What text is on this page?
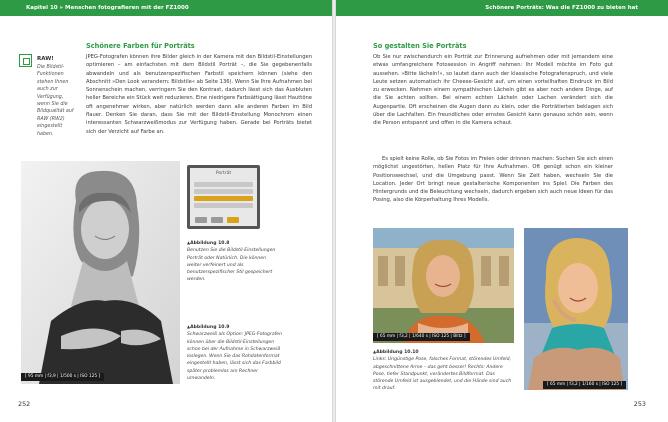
Kapitel 10 » Menschen fotografieren mit der FZ1000
RAW!
Die Bildstil-Funktionen stehen Ihnen auch zur Verfügung, wenn Sie die Bildqualität auf RAW (RW2) eingestellt haben.
Schönere Farben für Porträts
JPEG-Fotografen können ihre Bilder gleich in der Kamera mit den Bildstil-Einstellungen optimieren – am einfachsten mit dem Bildstil Porträt –, die Sie gegebenenfalls abwandeln und als benutzerspezifischen Farbstil speichern können (siehe den Abschnitt »Den Look verandern: Bildstile« ab Seite 136). Wenn Sie Ihre Aufnahmen bei Sonnenschein machen, verringern Sie den Kontrast, dadurch lässt sich das Ausbluten heller Bereiche ein Stück weit reduzieren. Eine niedrigere Farbsättigung lässt Hauttöne oft angenehmer wirken, aber natürlich werden dann alle anderen Farben im Bild flauer. Denken Sie daran, dass Sie mit der Bildstil-Einstellung Monochrom einen interessanten Schwarzweißmodus zur Verfügung haben. Gerade bei Porträts bietet sich der Verzicht auf Farbe an.
[ 95 mm | f3,9 | 1/500 s | ISO 125 ]
Porträt
▲ Abbildung 10.8
Benutzen Sie die Bildstil-Einstellungen Porträt oder Natürlich. Die können weiter verfeinert und als benutzerspezifischer Stil gespeichert werden.
▲ Abbildung 10.9
Schwarzweiß als Option: JPEG-Fotografen können über die Bildstil-Einstellungen schon bei der Aufnahme in Schwarzweiß loslegen. Wenn Sie das Rohdatenformat eingestellt haben, lässt sich das Farbbild später problemlos am Rechner umwandeln.
252
Schönere Porträts: Was die FZ1000 zu bieten hat
So gestalten Sie Porträts
Ob Sie nur zwischendurch ein Porträt zur Erinnerung aufnehmen oder mit jemandem eine etwas umfangreichere Fotosession in Angriff nehmen: Ihr Modell möchte im Foto gut aussehen. »Bitte lächeln!«, so lautet dann auch der klassische Fotografenspruch, und viele Leute setzen automatisch ihr Cheese-Gesicht auf, um einen vorteilhaften Eindruck im Bild zu erwecken. Nehmen einem sympathischen Lächeln gibt es aber noch andere Dinge, auf die Sie achten sollten. Bei einem echten Lächeln oder Lachen verändert sich die Augenpartie. Oft erscheinen die Augen dann zu klein, oder die Porträtierten beklagen sich über die Lachfalten. Ein freundliches oder ernstes Gesicht kann genauso schön sein, wenn die Person entspannt und offen in die Kamera schaut.
Es spielt keine Rolle, ob Sie Fotos im Freien oder drinnen machen: Suchen Sie sich einen möglichst ungestörten, hellen Platz für Ihre Aufnahmen. Oft genügt schon ein kleiner Positionswechsel, und die Umgebung passt. Wenn Sie Zeit haben, wechseln Sie die Location. Jeder Ort bringt neue gestalterische Komponenten ins Spiel: Die Farben des Hintergrunds und die Beleuchtung wechseln, dadurch ergeben sich auch neue Ideen für das Posing, also die Körperhaltung Ihres Modells.
[ 65 mm | f3,2 | 1/640 s | ISO 125 | Blitz ]
[ 65 mm | f3,2 | 1/160 s | ISO 125 ]
▲ Abbildung 10.10
Links: Ungünstige Pose, falsches Format, störendes Umfeld, abgeschnittene Arme – das geht besser! Rechts: Andere Pose, tiefer Standpunkt, verändertes Bildformat. Das störende Umfeld ist ausgeblendet, und die Hände sind auch mit drauf.
253
